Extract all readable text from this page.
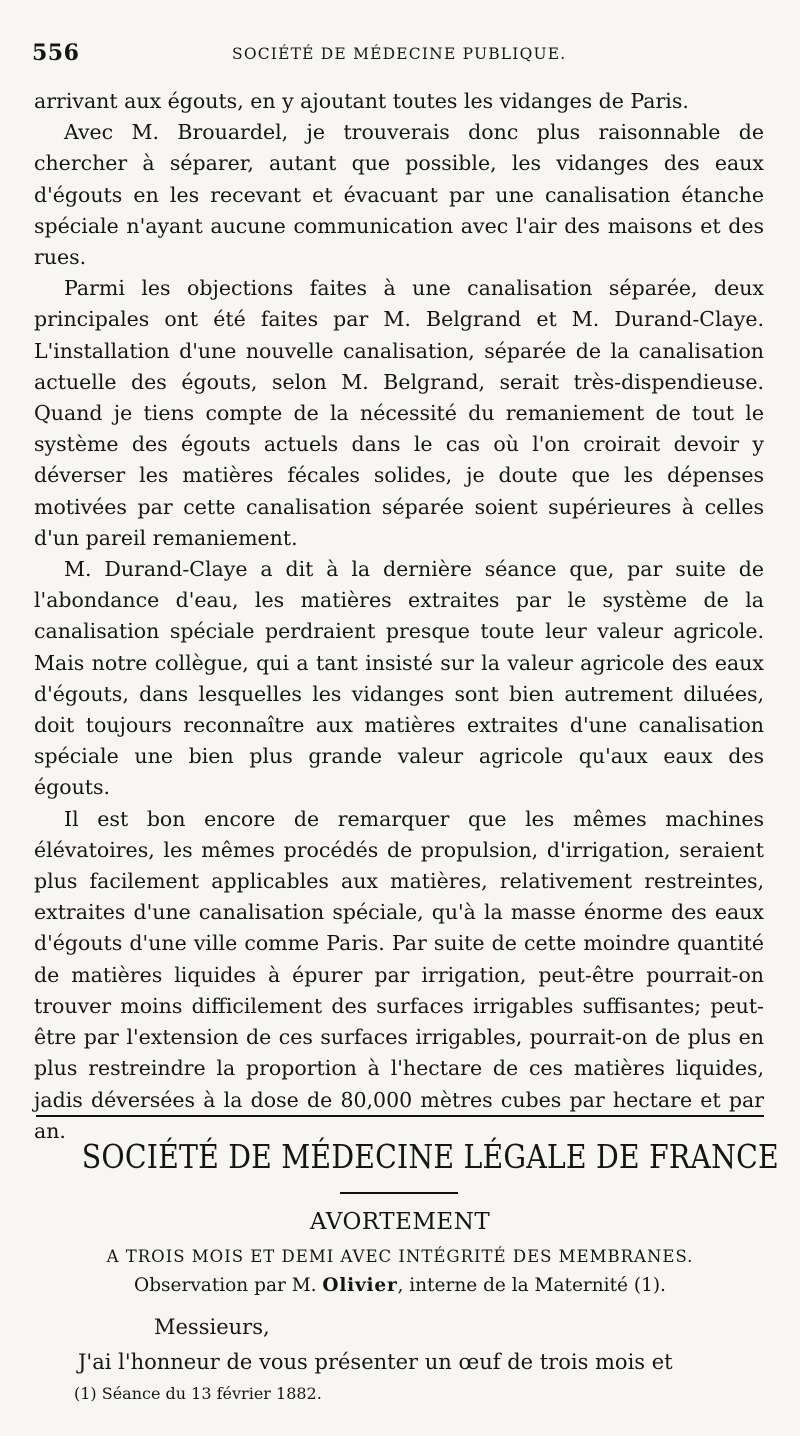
556	SOCIÉTÉ DE MÉDECINE PUBLIQUE.

arrivant aux égouts, en y ajoutant toutes les vidanges de Paris.

Avec M. Brouardel, je trouverais donc plus raisonnable de chercher à séparer, autant que possible, les vidanges des eaux d'égouts en les recevant et évacuant par une canalisation étanche spéciale n'ayant aucune communication avec l'air des maisons et des rues.

Parmi les objections faites à une canalisation séparée, deux principales ont été faites par M. Belgrand et M. Durand-Claye. L'installation d'une nouvelle canalisation, séparée de la canalisation actuelle des égouts, selon M. Belgrand, serait très-dispendieuse. Quand je tiens compte de la nécessité du remaniement de tout le système des égouts actuels dans le cas où l'on croirait devoir y déverser les matières fécales solides, je doute que les dépenses motivées par cette canalisation séparée soient supérieures à celles d'un pareil remaniement.

M. Durand-Claye a dit à la dernière séance que, par suite de l'abondance d'eau, les matières extraites par le système de la canalisation spéciale perdraient presque toute leur valeur agricole. Mais notre collègue, qui a tant insisté sur la valeur agricole des eaux d'égouts, dans lesquelles les vidanges sont bien autrement diluées, doit toujours reconnaître aux matières extraites d'une canalisation spéciale une bien plus grande valeur agricole qu'aux eaux des égouts.

Il est bon encore de remarquer que les mêmes machines élévatoires, les mêmes procédés de propulsion, d'irrigation, seraient plus facilement applicables aux matières, relativement restreintes, extraites d'une canalisation spéciale, qu'à la masse énorme des eaux d'égouts d'une ville comme Paris. Par suite de cette moindre quantité de matières liquides à épurer par irrigation, peut-être pourrait-on trouver moins difficilement des surfaces irrigables suffisantes; peut-être par l'extension de ces surfaces irrigables, pourrait-on de plus en plus restreindre la proportion à l'hectare de ces matières liquides, jadis déversées à la dose de 80,000 mètres cubes par hectare et par an.

SOCIÉTÉ DE MÉDECINE LÉGALE DE FRANCE
AVORTEMENT
A TROIS MOIS ET DEMI AVEC INTÉGRITÉ DES MEMBRANES.
Observation par M. Olivier, interne de la Maternité (1).
Messieurs,
J'ai l'honneur de vous présenter un œuf de trois mois et
(1) Séance du 13 février 1882.
